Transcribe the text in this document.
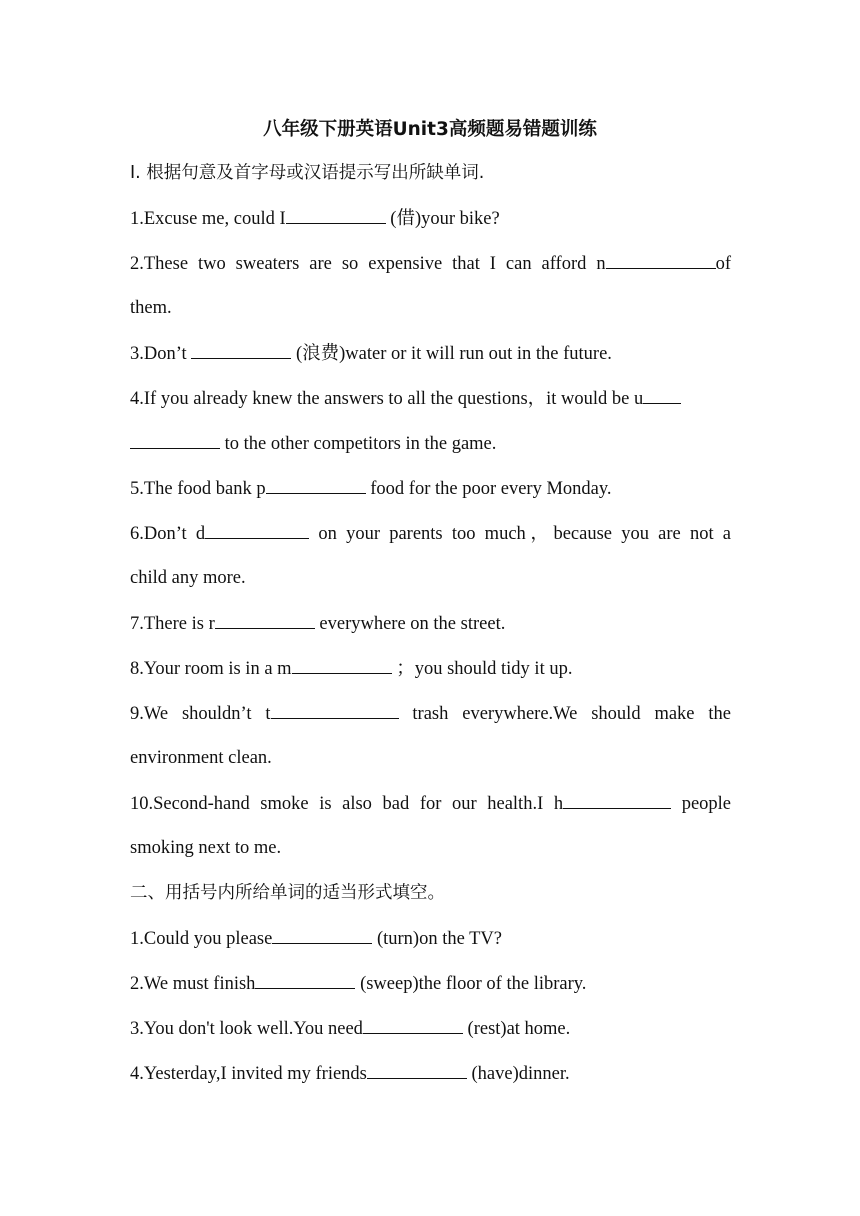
八年级下册英语Unit3高频题易错题训练
I. 根据句意及首字母或汉语提示写出所缺单词.
1.Excuse me, could I	(借)your bike?
2.These two sweaters are so expensive that I can afford n	of
them.
3.Don’t	(浪费)water or it will run out in the future.
4.If you already knew the answers to all the questions，it would be u
to the other competitors in the game.
5.The food bank p	food for the poor every Monday.
6.Don’t d	on your parents too much，because you are not a
child any more.
7.There is r	everywhere on the street.
8.Your room is in a m	；you should tidy it up.
9.We shouldn’t t	trash everywhere.We should make the
environment clean.
10.Second-hand smoke is also bad for our health.I h	people
smoking next to me.
二、用括号内所给单词的适当形式填空。
1.Could you please	(turn)on the TV?
2.We must finish	(sweep)the floor of the library.
3.You don't look well.You need	(rest)at home.
4.Yesterday,I invited my friends	(have)dinner.
